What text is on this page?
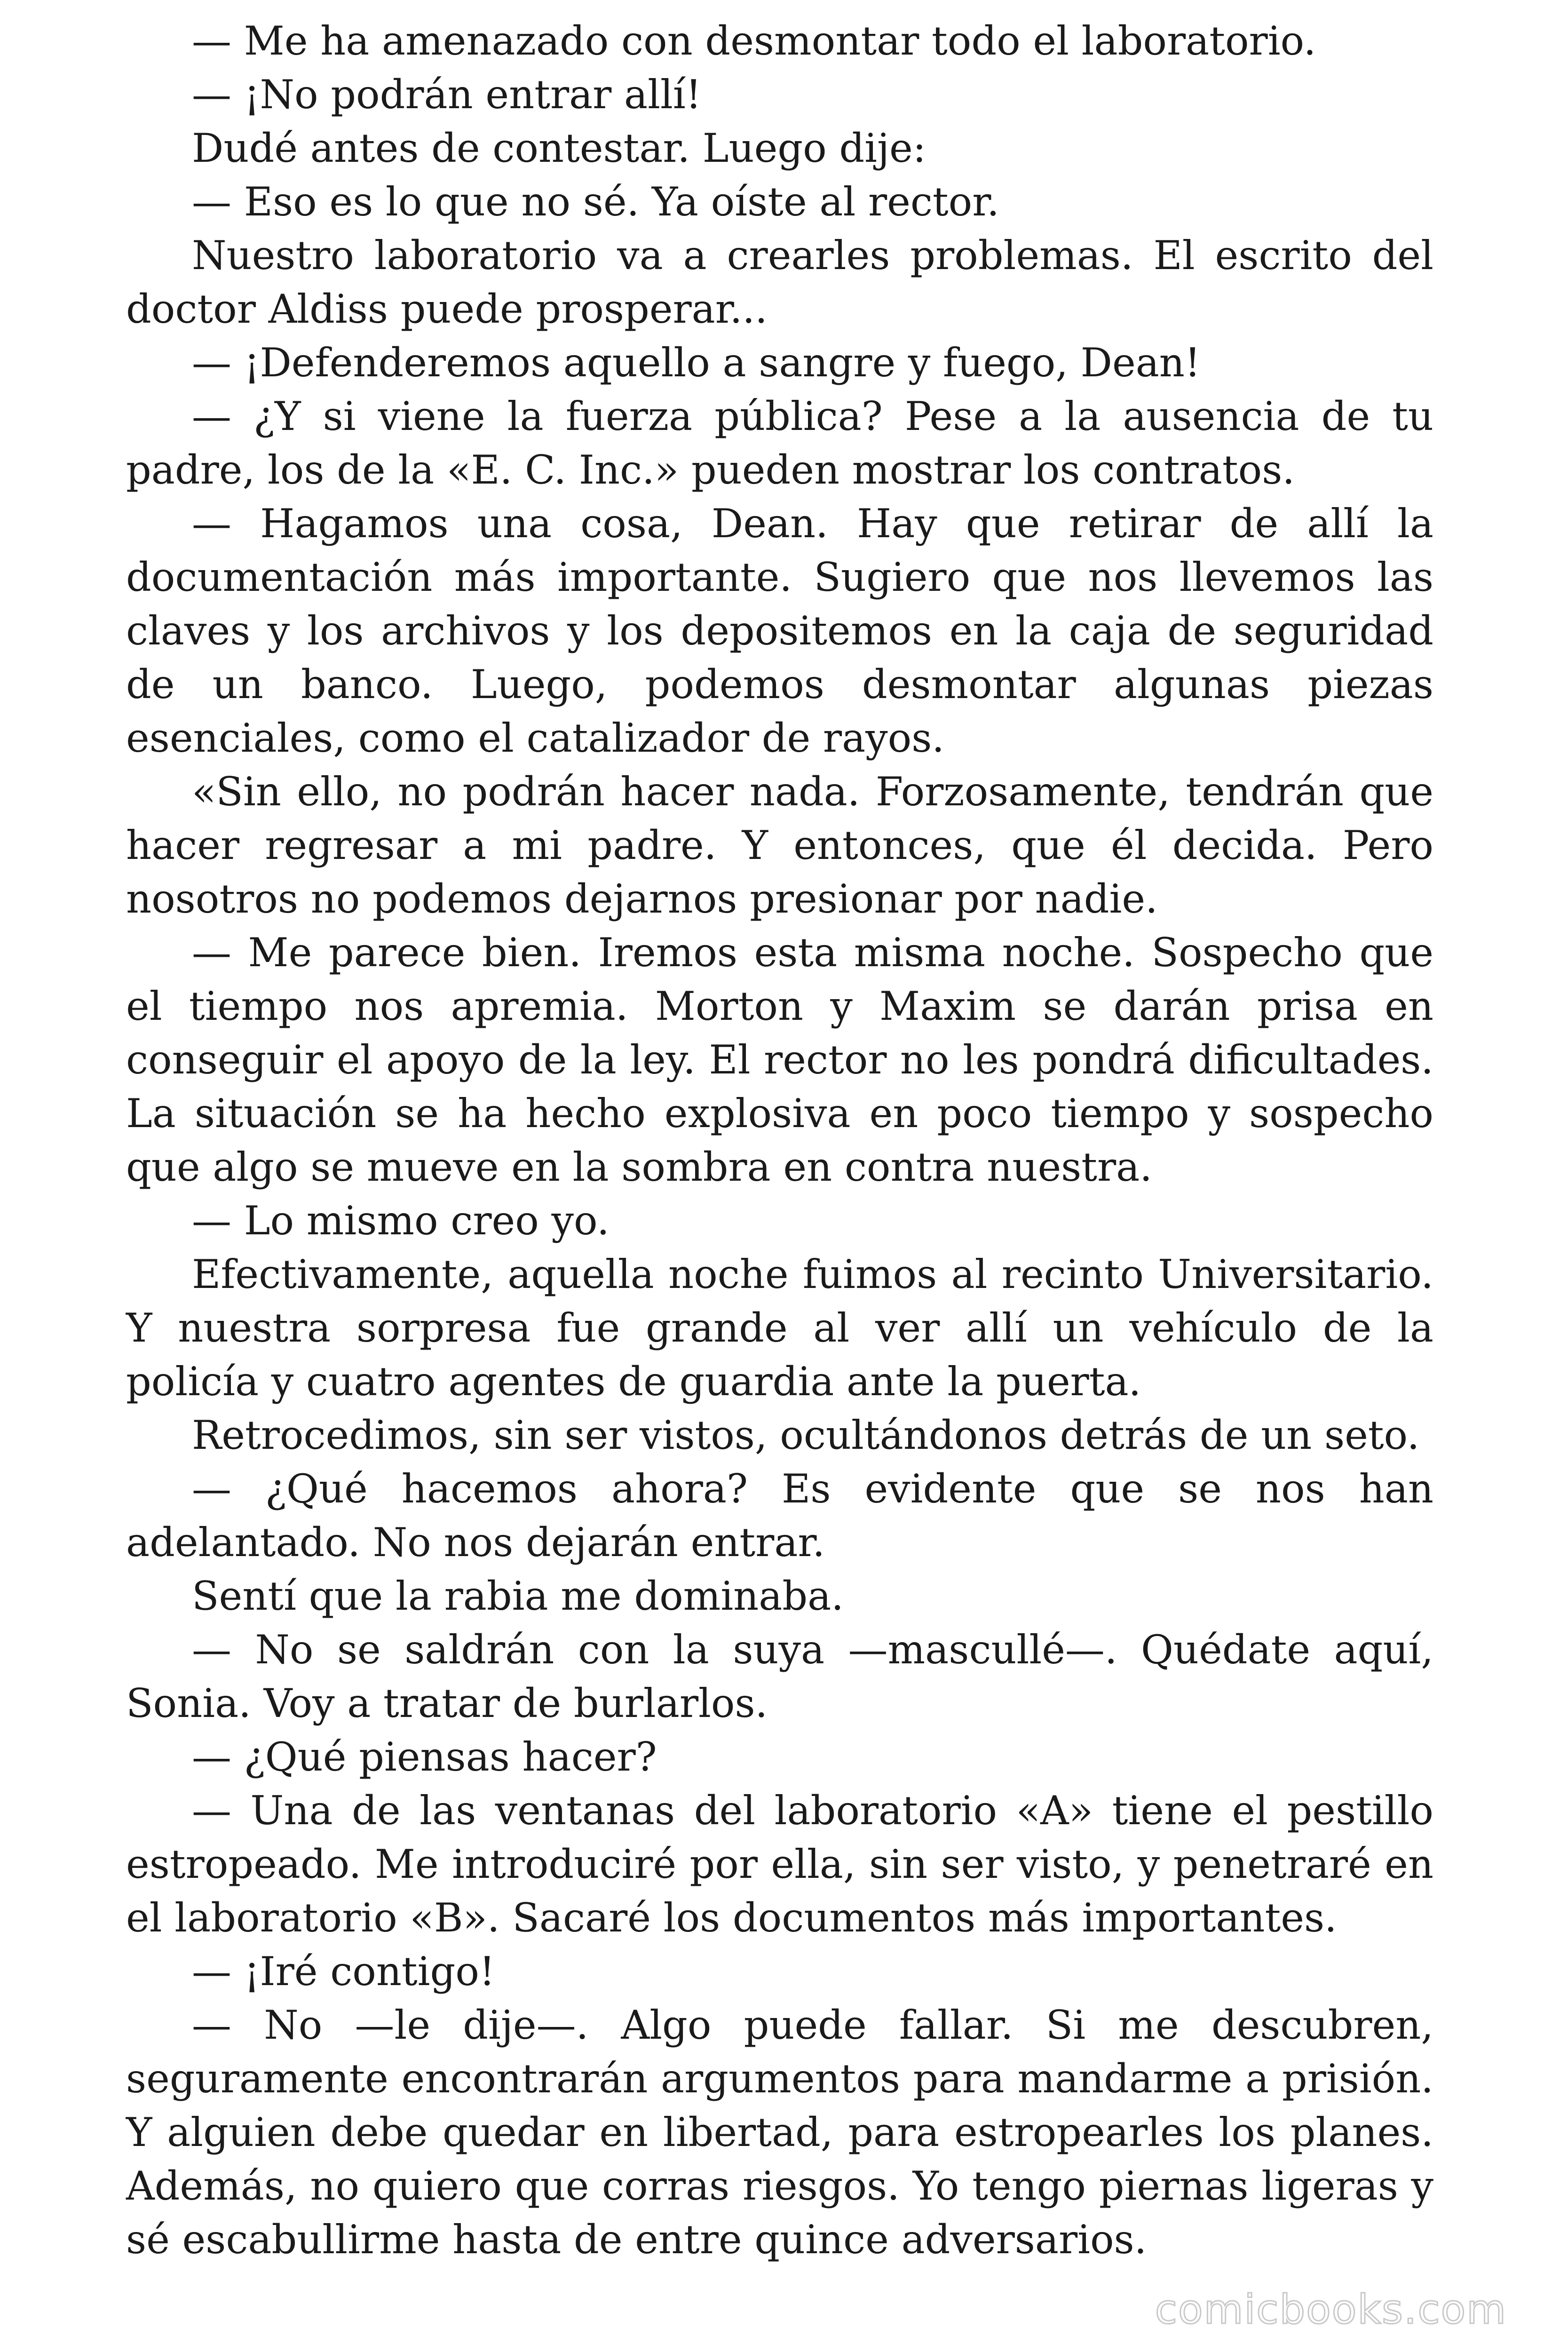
— Me ha amenazado con desmontar todo el laboratorio.

— ¡No podrán entrar allí!

Dudé antes de contestar. Luego dije:

— Eso es lo que no sé. Ya oíste al rector.

Nuestro laboratorio va a crearles problemas. El escrito del doctor Aldiss puede prosperar...

— ¡Defenderemos aquello a sangre y fuego, Dean!

— ¿Y si viene la fuerza pública? Pese a la ausencia de tu padre, los de la «E. C. Inc.» pueden mostrar los contratos.

— Hagamos una cosa, Dean. Hay que retirar de allí la documentación más importante. Sugiero que nos llevemos las claves y los archivos y los depositemos en la caja de seguridad de un banco. Luego, podemos desmontar algunas piezas esenciales, como el catalizador de rayos.

«Sin ello, no podrán hacer nada. Forzosamente, tendrán que hacer regresar a mi padre. Y entonces, que él decida. Pero nosotros no podemos dejarnos presionar por nadie.

— Me parece bien. Iremos esta misma noche. Sospecho que el tiempo nos apremia. Morton y Maxim se darán prisa en conseguir el apoyo de la ley. El rector no les pondrá dificultades. La situación se ha hecho explosiva en poco tiempo y sospecho que algo se mueve en la sombra en contra nuestra.

— Lo mismo creo yo.

Efectivamente, aquella noche fuimos al recinto Universitario. Y nuestra sorpresa fue grande al ver allí un vehículo de la policía y cuatro agentes de guardia ante la puerta.

Retrocedimos, sin ser vistos, ocultándonos detrás de un seto.

— ¿Qué hacemos ahora? Es evidente que se nos han adelantado. No nos dejarán entrar.

Sentí que la rabia me dominaba.

— No se saldrán con la suya —mascullé—. Quédate aquí, Sonia. Voy a tratar de burlarlos.

— ¿Qué piensas hacer?

— Una de las ventanas del laboratorio «A» tiene el pestillo estropeado. Me introduciré por ella, sin ser visto, y penetraré en el laboratorio «B». Sacaré los documentos más importantes.

— ¡Iré contigo!

— No —le dije—. Algo puede fallar. Si me descubren, seguramente encontrarán argumentos para mandarme a prisión. Y alguien debe quedar en libertad, para estropearles los planes. Además, no quiero que corras riesgos. Yo tengo piernas ligeras y sé escabullirme hasta de entre quince adversarios.

comicbooks.com
